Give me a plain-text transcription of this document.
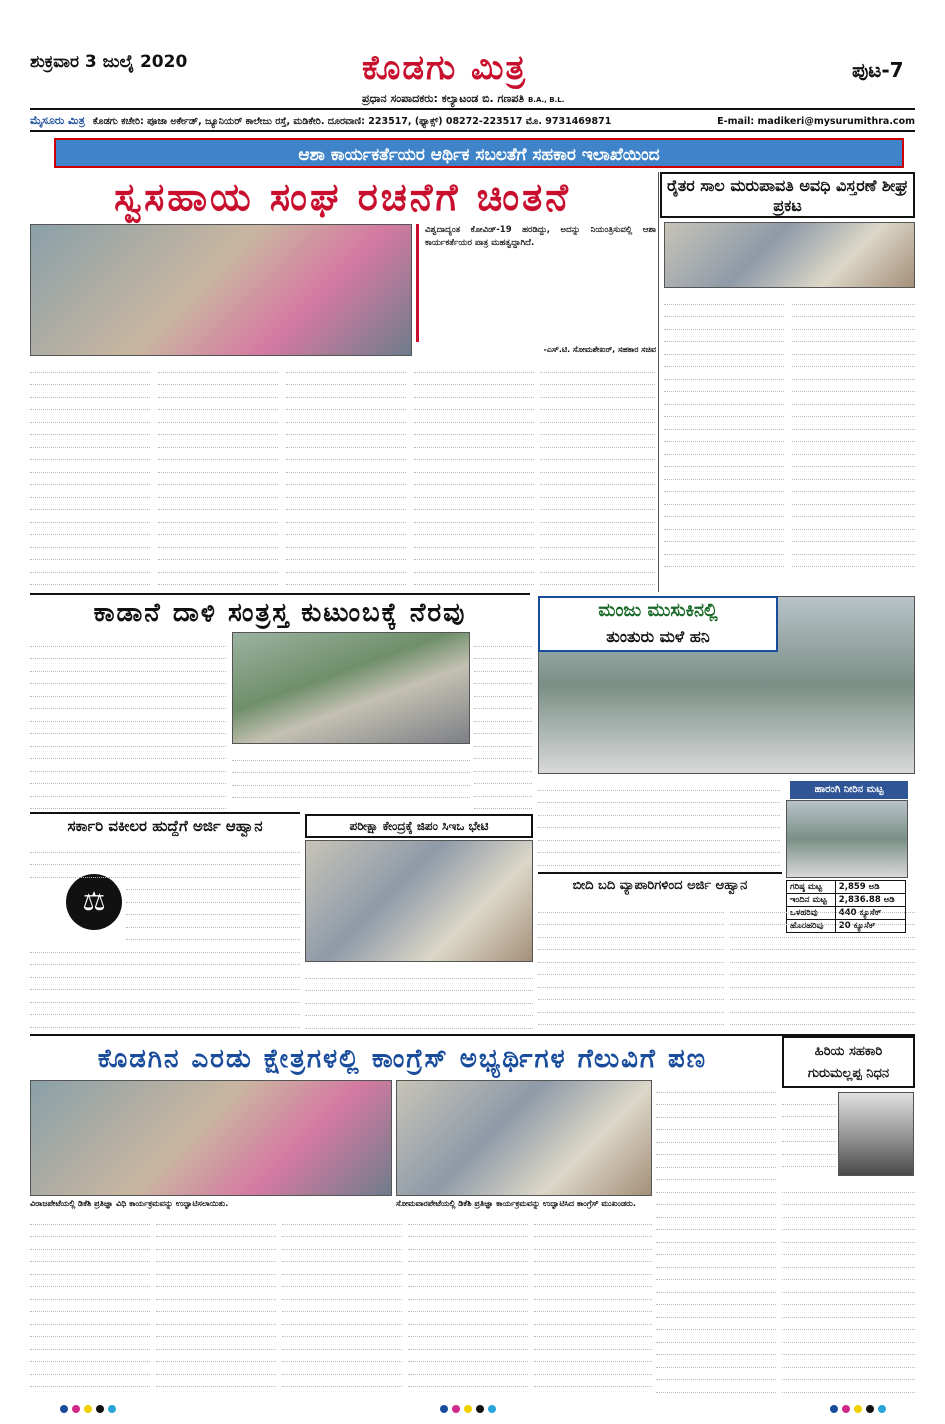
ಶುಕ್ರವಾರ 3 ಜುಲೈ 2020	ಕೊಡಗು ಮಿತ್ರ
ಪ್ರಧಾನ ಸಂಪಾದಕರು: ಕಲ್ಯಾಟಂಡ ಬಿ. ಗಣಪತಿ B.A., B.L.
ಪುಟ-7
ಮೈಸೂರು ಮಿತ್ರ ಕೊಡಗು ಕಚೇರಿ: ಪೂಜಾ ಅರ್ಕೇಡ್, ಜ್ಯೂನಿಯರ್ ಕಾಲೇಜು ರಸ್ತೆ, ಮಡಿಕೇರಿ. ದೂರವಾಣಿ: 223517, (ಫ್ಯಾಕ್ಸ್) 08272-223517 ಮೊ. 9731469871	E-mail: madikeri@mysurumithra.com
ಆಶಾ ಕಾರ್ಯಕರ್ತೆಯರ ಆರ್ಥಿಕ ಸಬಲತೆಗೆ ಸಹಕಾರ ಇಲಾಖೆಯಿಂದ
ಸ್ವಸಹಾಯ ಸಂಘ ರಚನೆಗೆ ಚಿಂತನೆ
ವಿಶ್ವದಾದ್ಯಂತ ಕೋವಿಡ್-19 ಹರಡಿದ್ದು, ಅದನ್ನು ನಿಯಂತ್ರಿಸುವಲ್ಲಿ ಆಶಾ ಕಾರ್ಯಕರ್ತೆಯರ ಪಾತ್ರ ಮಹತ್ವದ್ದಾಗಿದೆ.
-ಎಸ್.ಟಿ. ಸೋಮಶೇಖರ್, ಸಹಕಾರ ಸಚಿವ
ರೈತರ ಸಾಲ ಮರುಪಾವತಿ ಅವಧಿ ವಿಸ್ತರಣೆ ಶೀಘ್ರ ಪ್ರಕಟ
ಕಾಡಾನೆ ದಾಳಿ ಸಂತ್ರಸ್ತ ಕುಟುಂಬಕ್ಕೆ ನೆರವು	ಮಂಜು ಮುಸುಕಿನಲ್ಲಿ
ತುಂತುರು ಮಳೆ ಹನಿ
ಹಾರಂಗಿ ನೀರಿನ ಮಟ್ಟ
ಗರಿಷ್ಠ ಮಟ್ಟ	2,859 ಅಡಿ
ಇಂದಿನ ಮಟ್ಟ	2,836.88 ಅಡಿ
ಒಳಹರಿವು	440 ಕ್ಯೂಸೆಕ್
ಹೊರಹರಿವು	20 ಕ್ಯೂಸೆಕ್
ಸರ್ಕಾರಿ ವಕೀಲರ ಹುದ್ದೆಗೆ ಅರ್ಜಿ ಆಹ್ವಾನ
⚖
ಪರೀಕ್ಷಾ ಕೇಂದ್ರಕ್ಕೆ ಜಿಪಂ ಸಿಇಒ ಭೇಟಿ
ಬೀದಿ ಬದಿ ವ್ಯಾಪಾರಿಗಳಿಂದ ಅರ್ಜಿ ಆಹ್ವಾನ
ಕೊಡಗಿನ ಎರಡು ಕ್ಷೇತ್ರಗಳಲ್ಲಿ ಕಾಂಗ್ರೆಸ್ ಅಭ್ಯರ್ಥಿಗಳ ಗೆಲುವಿಗೆ ಪಣ
ವಿರಾಜಪೇಟೆಯಲ್ಲಿ ಡಿಕೆಶಿ ಪ್ರತಿಜ್ಞಾ ವಿಧಿ ಕಾರ್ಯಕ್ರಮವನ್ನು ಉದ್ಘಾಟಿಸಲಾಯಿತು.	ಸೋಮವಾರಪೇಟೆಯಲ್ಲಿ ಡಿಕೆಶಿ ಪ್ರತಿಜ್ಞಾ ಕಾರ್ಯಕ್ರಮವನ್ನು ಉದ್ಘಾಟಿಸಿದ ಕಾಂಗ್ರೆಸ್ ಮುಖಂಡರು.
ಹಿರಿಯ ಸಹಕಾರಿ
ಗುರುಮಲ್ಲಪ್ಪ ನಿಧನ
